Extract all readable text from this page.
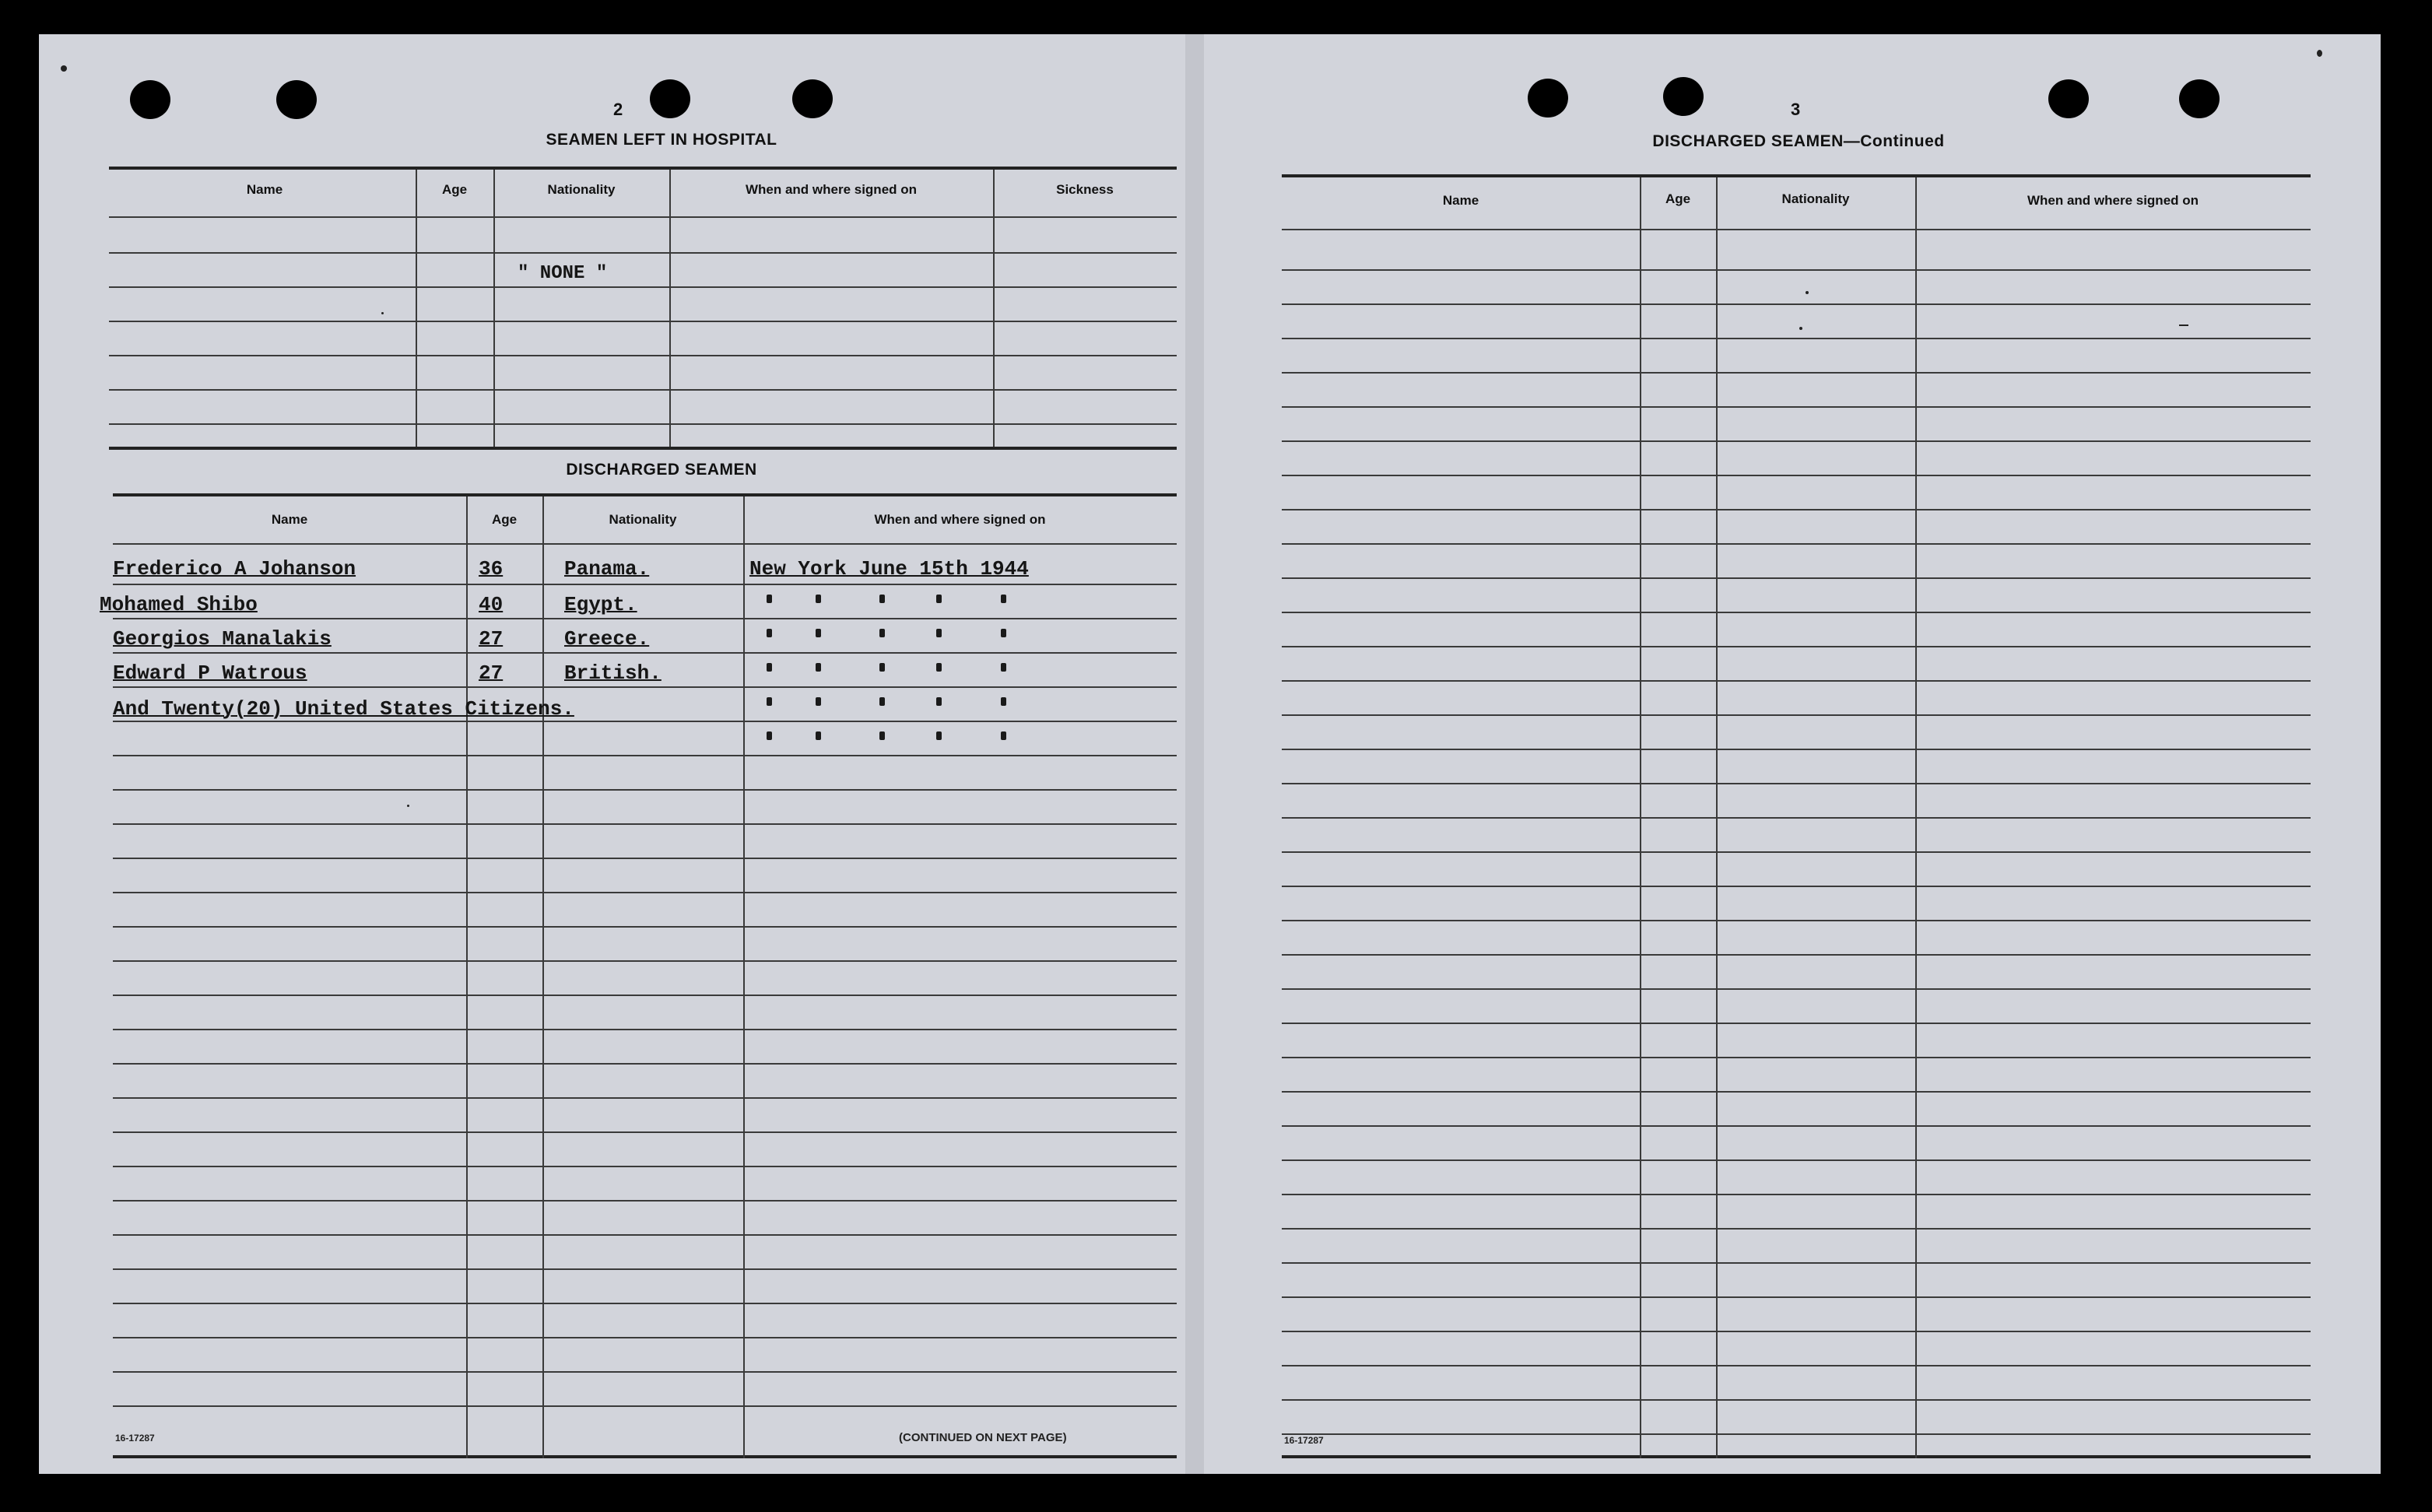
2
SEAMEN LEFT IN HOSPITAL
Name	Age	Nationality	When and where signed on	Sickness
" NONE "
DISCHARGED SEAMEN
Name	Age	Nationality	When and where signed on
Frederico A Johanson	36	Panama.	New York June 15th 1944
Mohamed Shibo	40	Egypt.
Georgios Manalakis	27	Greece.
Edward P Watrous	27	British.
And Twenty(20) United States Citizens.
16-17287	(CONTINUED ON NEXT PAGE)
3
DISCHARGED SEAMEN—Continued
Name	Age	Nationality	When and where signed on
16-17287
